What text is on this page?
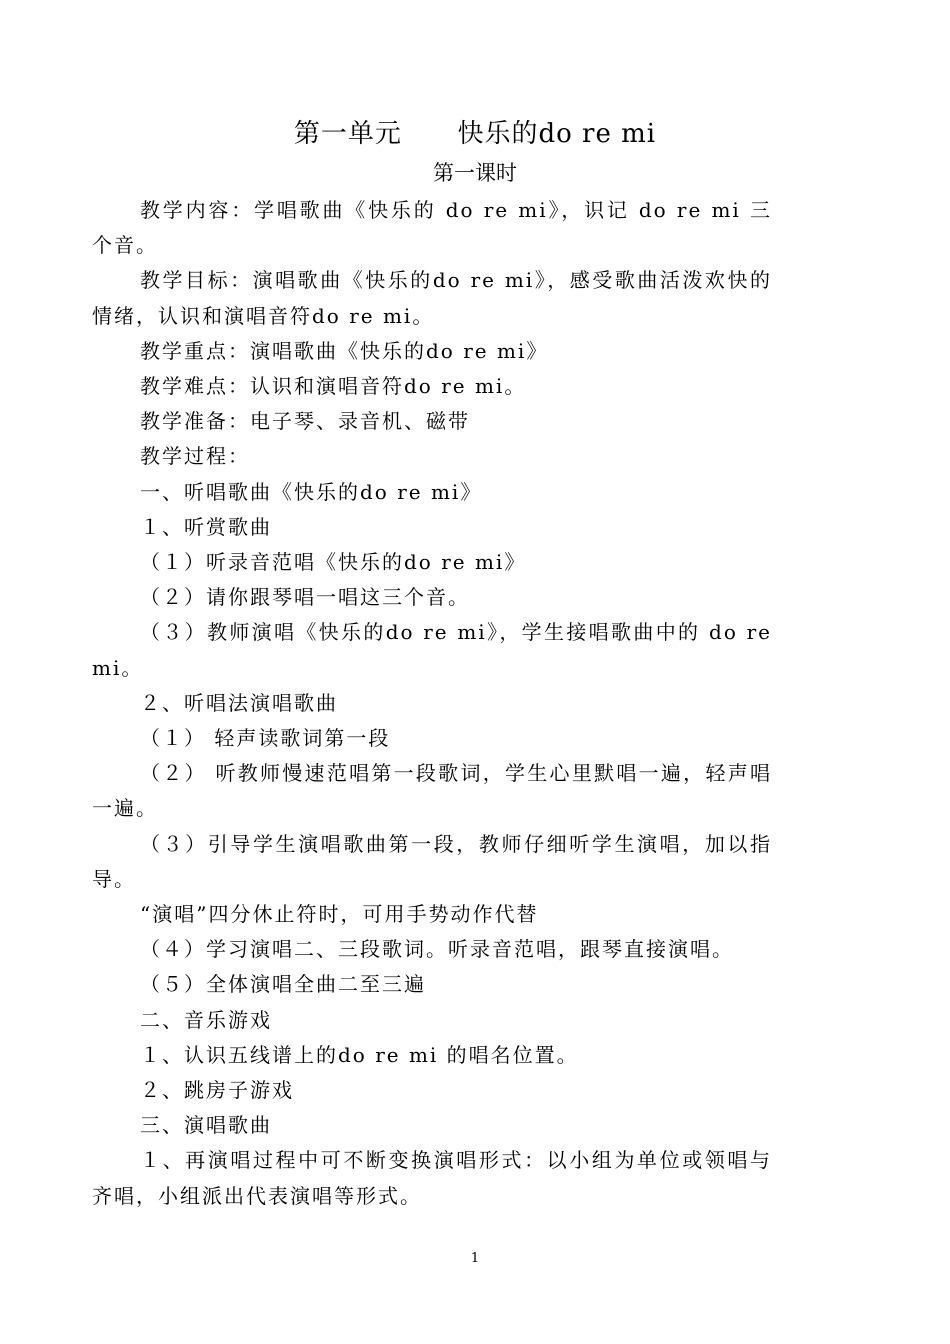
第一单元      快乐的do re mi
第一课时

教学内容：学唱歌曲《快乐的 do re mi》，识记 do re mi 三个音。

教学目标：演唱歌曲《快乐的do re mi》，感受歌曲活泼欢快的情绪，认识和演唱音符do re mi。

教学重点：演唱歌曲《快乐的do re mi》

教学难点：认识和演唱音符do re mi。

教学准备：电子琴、录音机、磁带

教学过程：

一、听唱歌曲《快乐的do re mi》

１、听赏歌曲

（１）听录音范唱《快乐的do re mi》

（２）请你跟琴唱一唱这三个音。

（３）教师演唱《快乐的do re mi》，学生接唱歌曲中的 do re mi。

２、听唱法演唱歌曲

（１） 轻声读歌词第一段

（２） 听教师慢速范唱第一段歌词，学生心里默唱一遍，轻声唱一遍。

（３）引导学生演唱歌曲第一段，教师仔细听学生演唱，加以指导。

“演唱”四分休止符时，可用手势动作代替

（４）学习演唱二、三段歌词。听录音范唱，跟琴直接演唱。

（５）全体演唱全曲二至三遍

二、音乐游戏

１、认识五线谱上的do re mi 的唱名位置。

２、跳房子游戏

三、演唱歌曲

１、再演唱过程中可不断变换演唱形式：以小组为单位或领唱与齐唱，小组派出代表演唱等形式。

1
